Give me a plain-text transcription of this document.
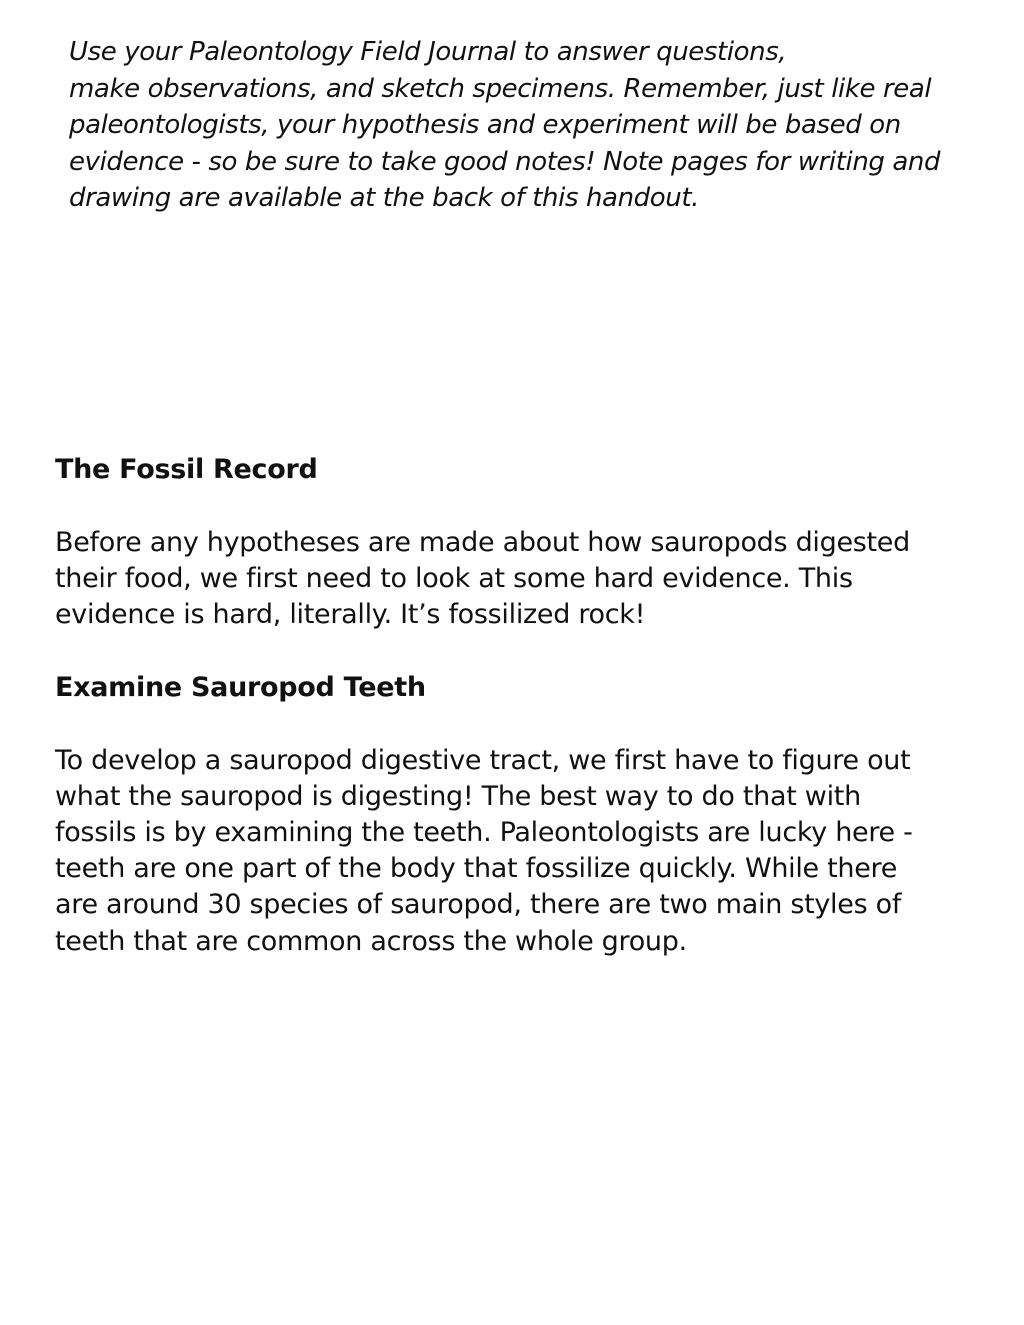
Use your Paleontology Field Journal to answer questions,
make observations, and sketch specimens. Remember, just like real
paleontologists, your hypothesis and experiment will be based on
evidence - so be sure to take good notes! Note pages for writing and
drawing are available at the back of this handout.
The Fossil Record

Before any hypotheses are made about how sauropods digested
their food, we first need to look at some hard evidence. This
evidence is hard, literally. It’s fossilized rock!

Examine Sauropod Teeth

To develop a sauropod digestive tract, we first have to figure out
what the sauropod is digesting! The best way to do that with
fossils is by examining the teeth. Paleontologists are lucky here -
teeth are one part of the body that fossilize quickly. While there
are around 30 species of sauropod, there are two main styles of
teeth that are common across the whole group.
